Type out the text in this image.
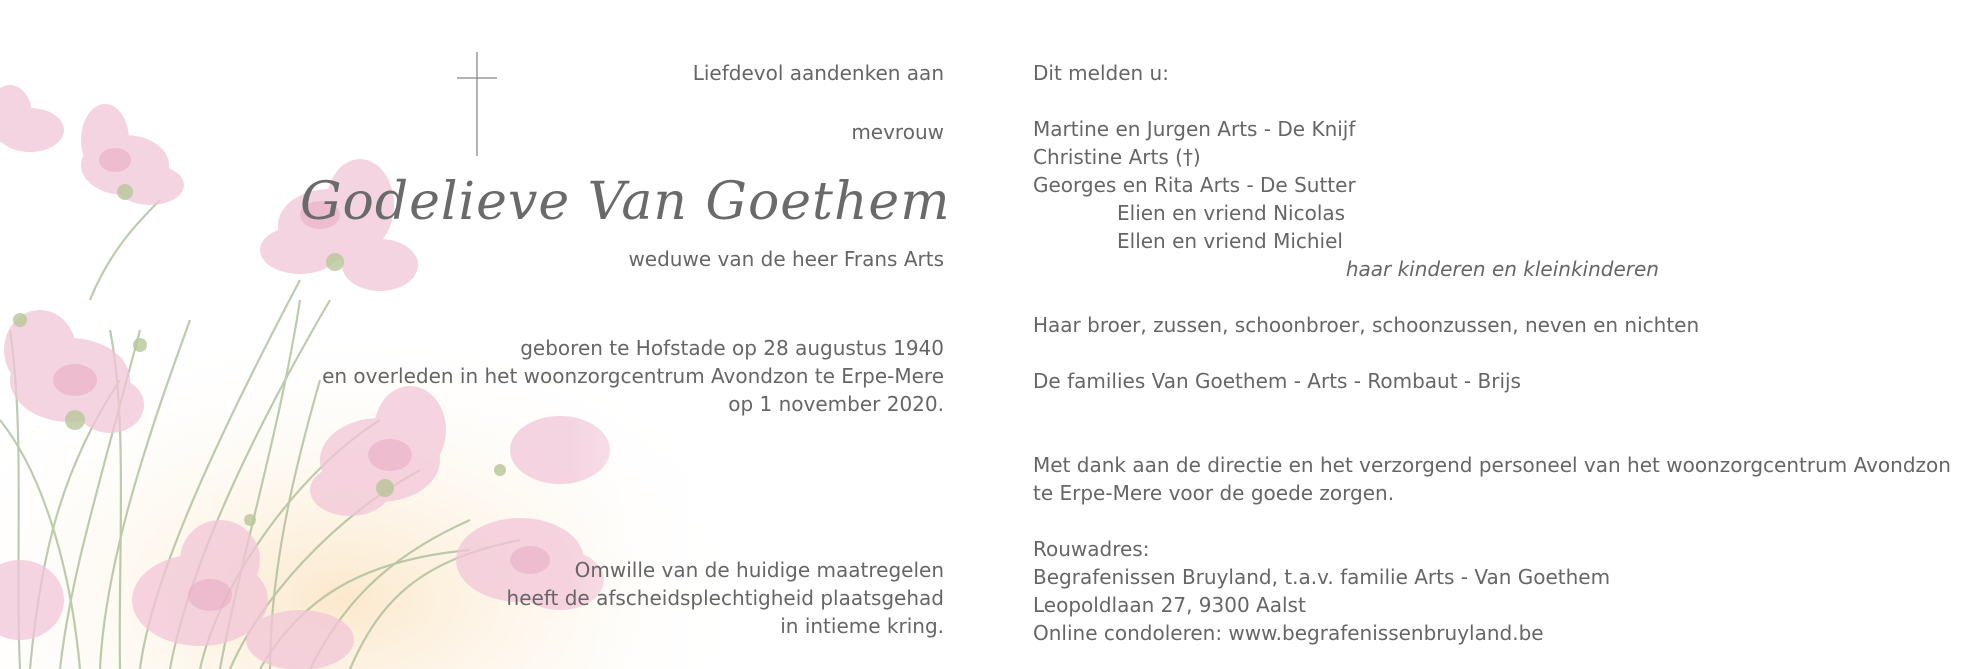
Liefdevol aandenken aan
mevrouw
Godelieve Van Goethem
weduwe van de heer Frans Arts
geboren te Hofstade op 28 augustus 1940
en overleden in het woonzorgcentrum Avondzon te Erpe-Mere
op 1 november 2020.
Omwille van de huidige maatregelen
heeft de afscheidsplechtigheid plaatsgehad
in intieme kring.
Dit melden u:
Martine en Jurgen Arts - De Knijf
Christine Arts (†)
Georges en Rita Arts - De Sutter
Elien en vriend Nicolas
Ellen en vriend Michiel
haar kinderen en kleinkinderen
Haar broer, zussen, schoonbroer, schoonzussen, neven en nichten
De families Van Goethem - Arts - Rombaut - Brijs
Met dank aan de directie en het verzorgend personeel van het woonzorgcentrum Avondzon
te Erpe-Mere voor de goede zorgen.
Rouwadres:
Begrafenissen Bruyland, t.a.v. familie Arts - Van Goethem
Leopoldlaan 27, 9300 Aalst
Online condoleren: www.begrafenissenbruyland.be
